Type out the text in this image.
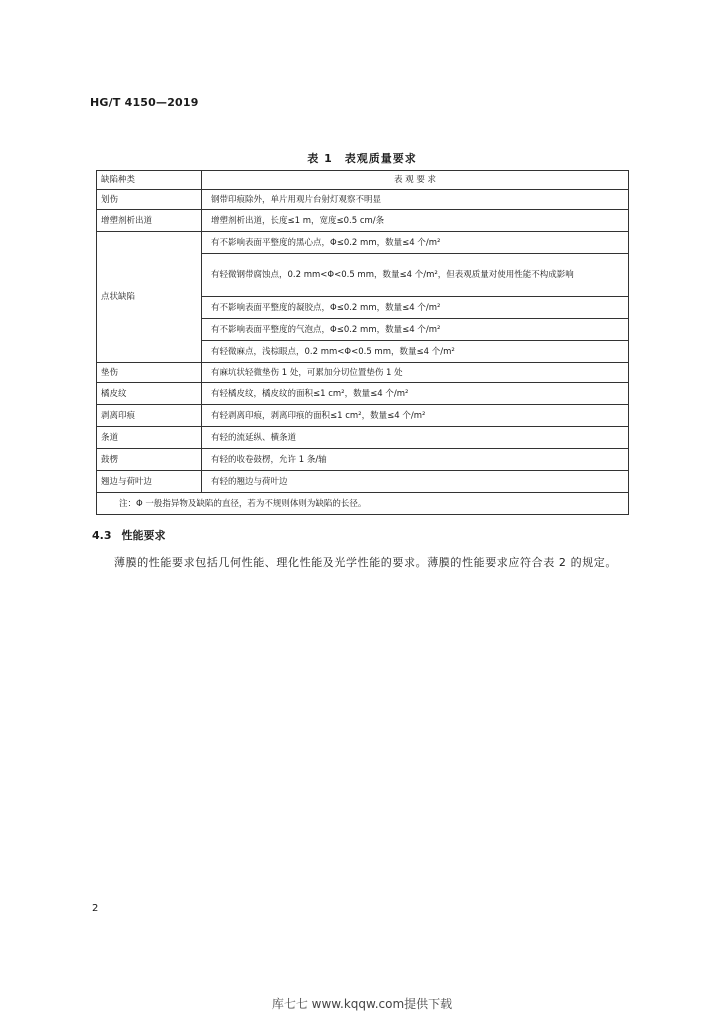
HG/T 4150—2019
表 1 表观质量要求
缺陷种类	表 观 要 求
划伤	钢带印痕除外，单片用观片台射灯观察不明显
增塑剂析出道	增塑剂析出道，长度≤1 m，宽度≤0.5 cm/条
点状缺陷	有不影响表面平整度的黑心点，Φ≤0.2 mm，数量≤4 个/m²
	有轻微钢带腐蚀点，0.2 mm<Φ<0.5 mm，数量≤4 个/m²，但表观质量对使用性能不构成影响
	有不影响表面平整度的凝胶点，Φ≤0.2 mm，数量≤4 个/m²
	有不影响表面平整度的气泡点，Φ≤0.2 mm，数量≤4 个/m²
	有轻微麻点，浅棕眼点，0.2 mm<Φ<0.5 mm，数量≤4 个/m²
垫伤	有麻坑状轻微垫伤 1 处，可累加分切位置垫伤 1 处
橘皮纹	有轻橘皮纹，橘皮纹的面积≤1 cm²，数量≤4 个/m²
剥离印痕	有轻剥离印痕，剥离印痕的面积≤1 cm²，数量≤4 个/m²
条道	有轻的流延纵、横条道
鼓楞	有轻的收卷鼓楞，允许 1 条/轴
翘边与荷叶边	有轻的翘边与荷叶边
注：Φ 一般指异物及缺陷的直径，若为不规则体则为缺陷的长径。	
4.3 性能要求
薄膜的性能要求包括几何性能、理化性能及光学性能的要求。薄膜的性能要求应符合表 2 的规定。
2
库七七 www.kqqw.com提供下载
